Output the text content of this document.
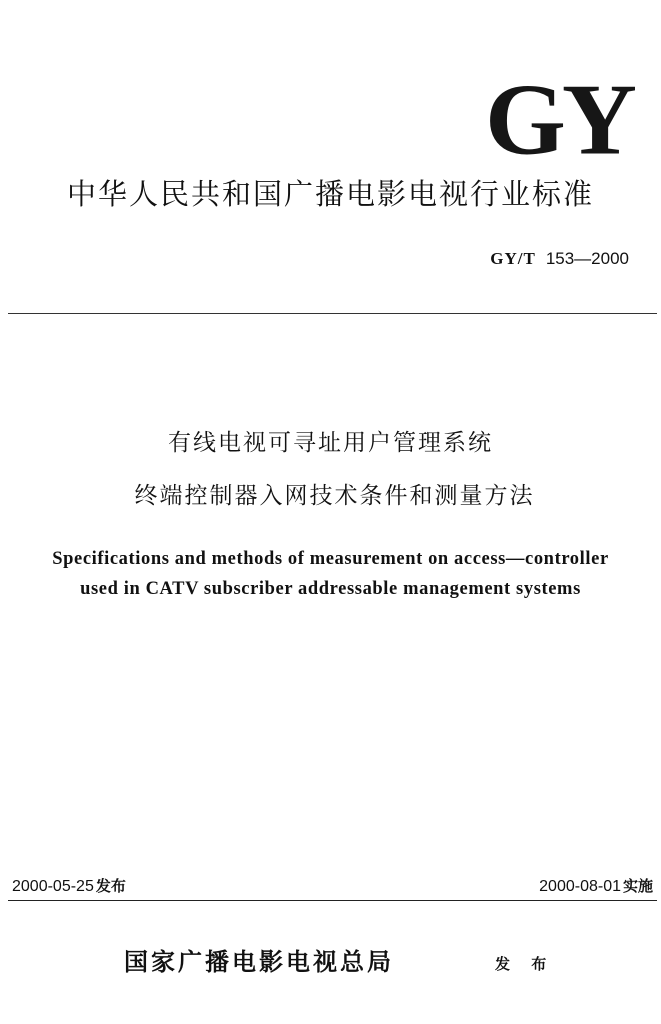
GY
中华人民共和国广播电影电视行业标准
GY/T 153—2000
有线电视可寻址用户管理系统
终端控制器入网技术条件和测量方法
Specifications and methods of measurement on access—controller
used in CATV subscriber addressable management systems
2000-05-25 发布	2000-08-01 实施
国家广播电影电视总局	发 布
